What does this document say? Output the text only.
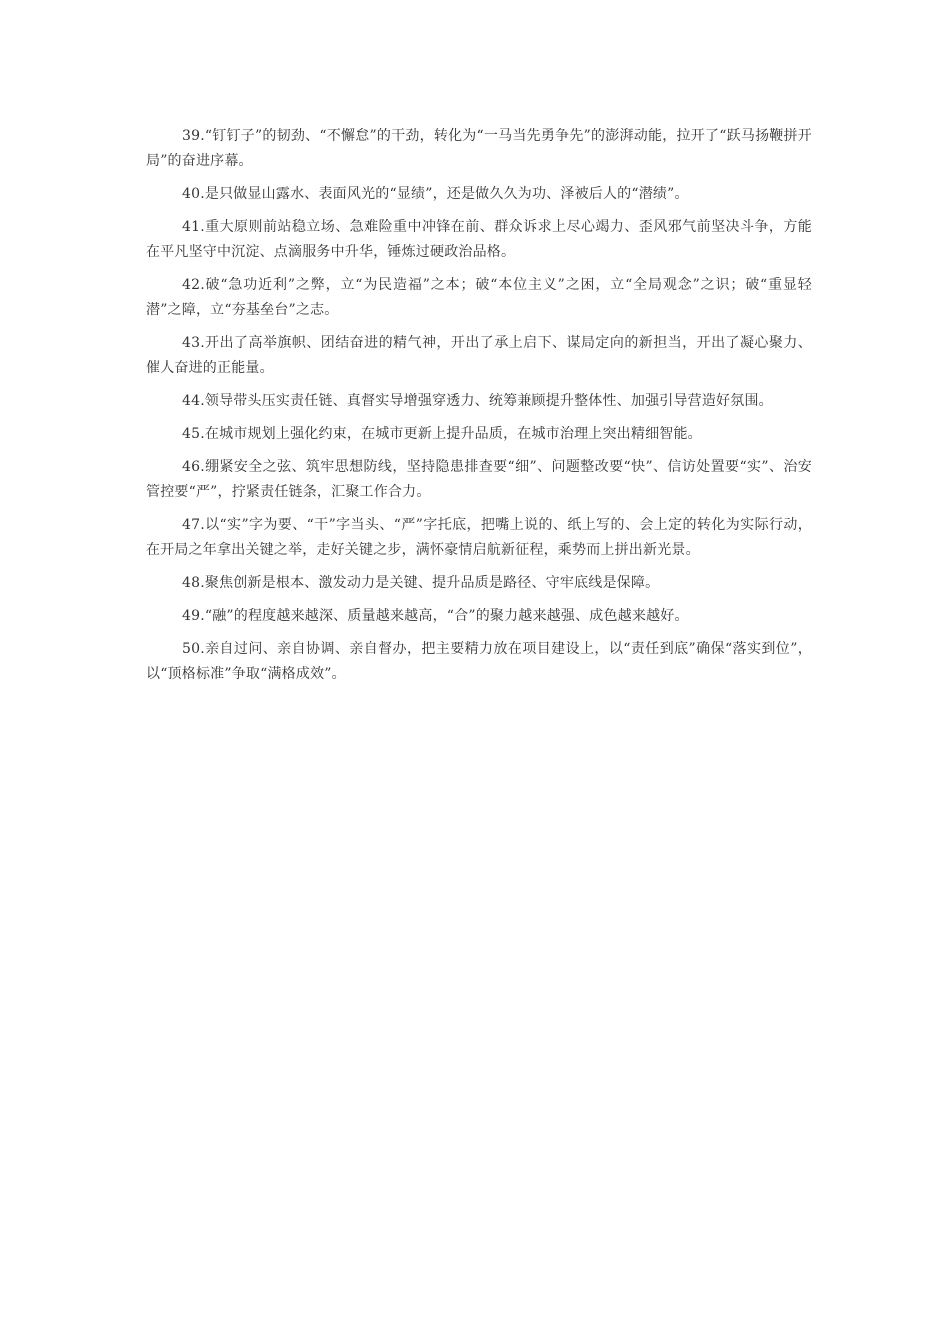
39.“钉钉子”的韧劲、“不懈怠”的干劲，转化为“一马当先勇争先”的澎湃动能，拉开了“跃马扬鞭拼开局”的奋进序幕。

40.是只做显山露水、表面风光的“显绩”，还是做久久为功、泽被后人的“潜绩”。

41.重大原则前站稳立场、急难险重中冲锋在前、群众诉求上尽心竭力、歪风邪气前坚决斗争，方能在平凡坚守中沉淀、点滴服务中升华，锤炼过硬政治品格。

42.破“急功近利”之弊，立“为民造福”之本；破“本位主义”之困，立“全局观念”之识；破“重显轻潜”之障，立“夯基垒台”之志。

43.开出了高举旗帜、团结奋进的精气神，开出了承上启下、谋局定向的新担当，开出了凝心聚力、催人奋进的正能量。

44.领导带头压实责任链、真督实导增强穿透力、统筹兼顾提升整体性、加强引导营造好氛围。

45.在城市规划上强化约束，在城市更新上提升品质，在城市治理上突出精细智能。

46.绷紧安全之弦、筑牢思想防线，坚持隐患排查要“细”、问题整改要“快”、信访处置要“实”、治安管控要“严”，拧紧责任链条，汇聚工作合力。

47.以“实”字为要、“干”字当头、“严”字托底，把嘴上说的、纸上写的、会上定的转化为实际行动，在开局之年拿出关键之举，走好关键之步，满怀豪情启航新征程，乘势而上拼出新光景。

48.聚焦创新是根本、激发动力是关键、提升品质是路径、守牢底线是保障。

49.“融”的程度越来越深、质量越来越高，“合”的聚力越来越强、成色越来越好。

50.亲自过问、亲自协调、亲自督办，把主要精力放在项目建设上，以“责任到底”确保“落实到位”，以“顶格标准”争取“满格成效”。
